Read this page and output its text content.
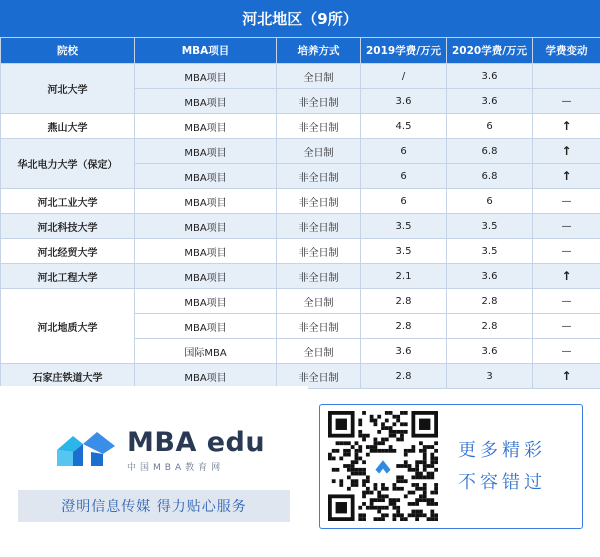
河北地区（9所）
院校	MBA项目	培养方式	2019学费/万元	2020学费/万元	学费变动
河北大学	MBA项目	全日制	/	3.6	
	MBA项目	非全日制	3.6	3.6	—
燕山大学	MBA项目	非全日制	4.5	6	↑
华北电力大学（保定）	MBA项目	全日制	6	6.8	↑
	MBA项目	非全日制	6	6.8	↑
河北工业大学	MBA项目	非全日制	6	6	—
河北科技大学	MBA项目	非全日制	3.5	3.5	—
河北经贸大学	MBA项目	非全日制	3.5	3.5	—
河北工程大学	MBA项目	非全日制	2.1	3.6	↑
河北地质大学	MBA项目	全日制	2.8	2.8	—
	MBA项目	非全日制	2.8	2.8	—
	国际MBA	全日制	3.6	3.6	—
石家庄铁道大学	MBA项目	非全日制	2.8	3	↑
MBA edu
中国MBA教育网
澄明信息传媒 得力贴心服务
更多精彩
不容错过
